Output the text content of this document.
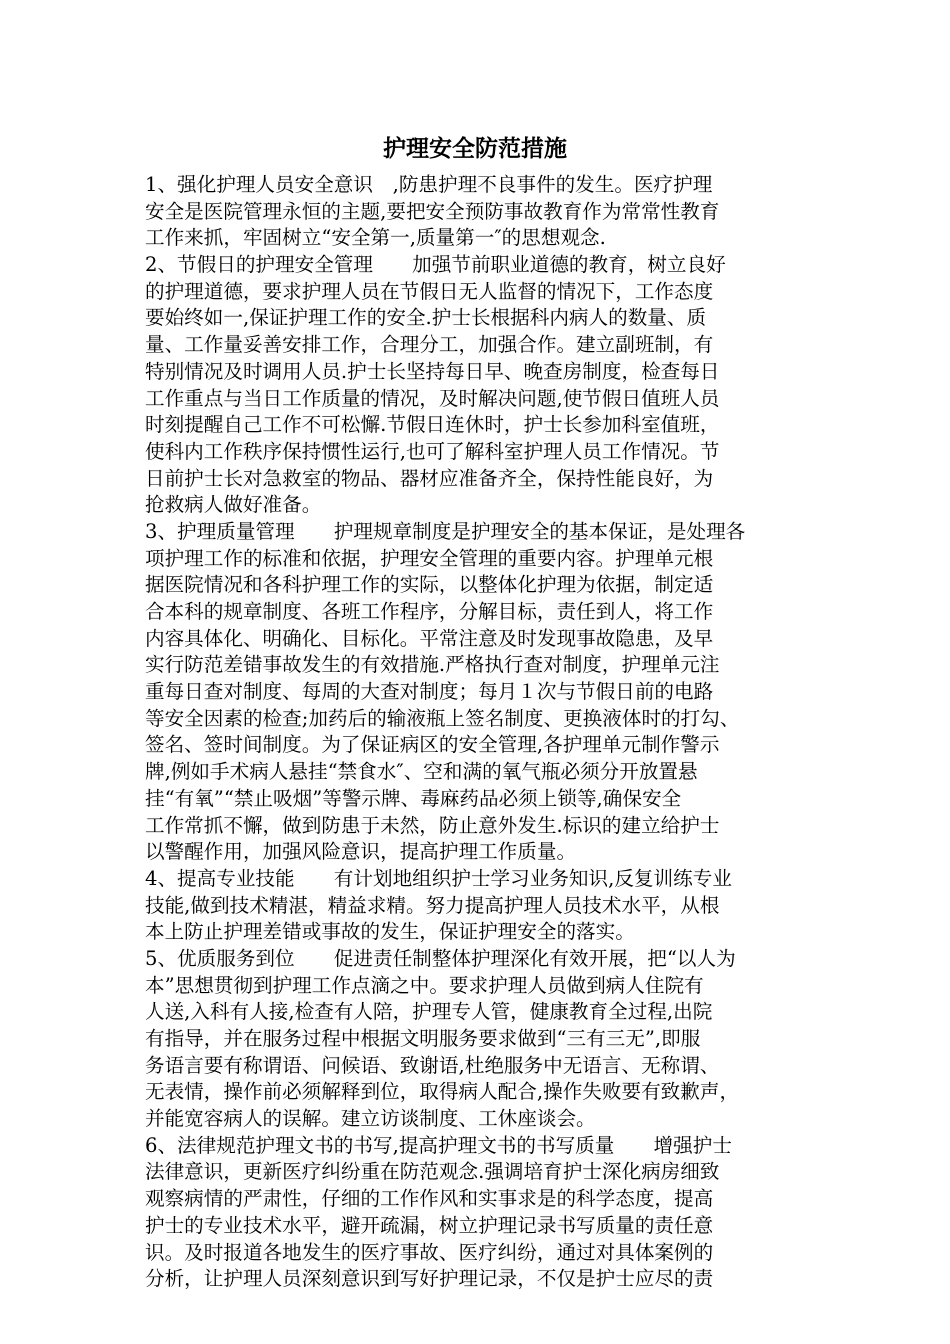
护理安全防范措施
1、强化护理人员安全意识　,防患护理不良事件的发生。医疗护理
安全是医院管理永恒的主题,要把安全预防事故教育作为常常性教育
工作来抓，牢固树立“安全第一,质量第一″的思想观念.
2、节假日的护理安全管理　　加强节前职业道德的教育，树立良好
的护理道德，要求护理人员在节假日无人监督的情况下，工作态度
要始终如一,保证护理工作的安全.护士长根据科内病人的数量、质
量、工作量妥善安排工作，合理分工，加强合作。建立副班制，有
特别情况及时调用人员.护士长坚持每日早、晚查房制度，检查每日
工作重点与当日工作质量的情况，及时解决问题,使节假日值班人员
时刻提醒自己工作不可松懈.节假日连休时，护士长参加科室值班，
使科内工作秩序保持惯性运行,也可了解科室护理人员工作情况。节
日前护士长对急救室的物品、器材应准备齐全，保持性能良好，为
抢救病人做好准备。
3、护理质量管理　　护理规章制度是护理安全的基本保证，是处理各
项护理工作的标准和依据，护理安全管理的重要内容。护理单元根
据医院情况和各科护理工作的实际，以整体化护理为依据，制定适
合本科的规章制度、各班工作程序，分解目标，责任到人，将工作
内容具体化、明确化、目标化。平常注意及时发现事故隐患，及早
实行防范差错事故发生的有效措施.严格执行查对制度，护理单元注
重每日查对制度、每周的大查对制度；每月１次与节假日前的电路
等安全因素的检查;加药后的输液瓶上签名制度、更换液体时的打勾、
签名、签时间制度。为了保证病区的安全管理,各护理单元制作警示
牌,例如手术病人悬挂“禁食水″、空和满的氧气瓶必须分开放置悬
挂“有氧”“禁止吸烟”等警示牌、毒麻药品必须上锁等,确保安全
工作常抓不懈，做到防患于未然，防止意外发生.标识的建立给护士
以警醒作用，加强风险意识，提高护理工作质量。
4、提高专业技能　　有计划地组织护士学习业务知识,反复训练专业
技能,做到技术精湛，精益求精。努力提高护理人员技术水平，从根
本上防止护理差错或事故的发生，保证护理安全的落实。
5、优质服务到位　　促进责任制整体护理深化有效开展，把“以人为
本”思想贯彻到护理工作点滴之中。要求护理人员做到病人住院有
人送,入科有人接,检查有人陪，护理专人管，健康教育全过程,出院
有指导，并在服务过程中根据文明服务要求做到“三有三无”,即服
务语言要有称谓语、问候语、致谢语,杜绝服务中无语言、无称谓、
无表情，操作前必须解释到位，取得病人配合,操作失败要有致歉声，
并能宽容病人的误解。建立访谈制度、工休座谈会。
6、法律规范护理文书的书写,提高护理文书的书写质量　　增强护士
法律意识，更新医疗纠纷重在防范观念.强调培育护士深化病房细致
观察病情的严肃性，仔细的工作作风和实事求是的科学态度，提高
护士的专业技术水平，避开疏漏，树立护理记录书写质量的责任意
识。及时报道各地发生的医疗事故、医疗纠纷，通过对具体案例的
分析，让护理人员深刻意识到写好护理记录，不仅是护士应尽的责
